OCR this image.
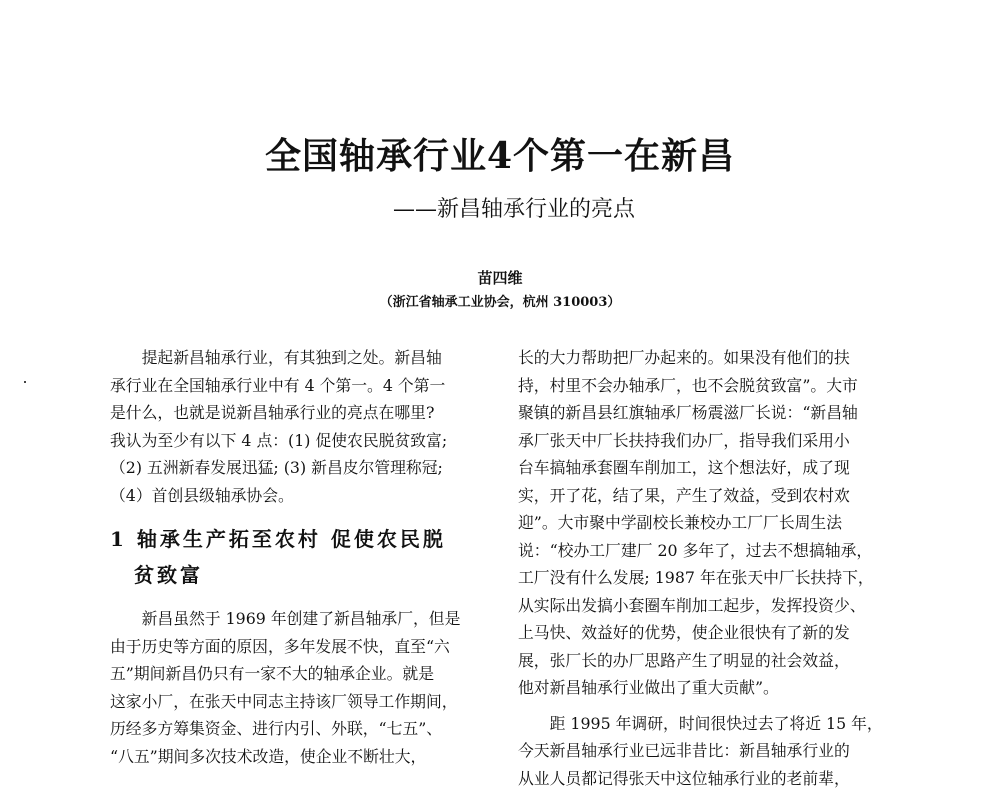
全国轴承行业4个第一在新昌
——新昌轴承行业的亮点
苗四维
（浙江省轴承工业协会，杭州 310003）
　　提起新昌轴承行业，有其独到之处。新昌轴
承行业在全国轴承行业中有 4 个第一。4 个第一
是什么，也就是说新昌轴承行业的亮点在哪里?
我认为至少有以下 4 点：(1) 促使农民脱贫致富;
（2) 五洲新春发展迅猛; (3) 新昌皮尔管理称冠;
（4）首创县级轴承协会。
1 轴承生产拓至农村 促使农民脱
贫致富
　　新昌虽然于 1969 年创建了新昌轴承厂，但是
由于历史等方面的原因，多年发展不快，直至“六
五”期间新昌仍只有一家不大的轴承企业。就是
这家小厂，在张天中同志主持该厂领导工作期间，
历经多方筹集资金、进行内引、外联，“七五”、
“八五”期间多次技术改造，使企业不断壮大，
长的大力帮助把厂办起来的。如果没有他们的扶
持，村里不会办轴承厂，也不会脱贫致富”。大市
聚镇的新昌县红旗轴承厂杨震滋厂长说：“新昌轴
承厂张天中厂长扶持我们办厂，指导我们采用小
台车搞轴承套圈车削加工，这个想法好，成了现
实，开了花，结了果，产生了效益，受到农村欢
迎”。大市聚中学副校长兼校办工厂厂长周生法
说：“校办工厂建厂 20 多年了，过去不想搞轴承，
工厂没有什么发展; 1987 年在张天中厂长扶持下，
从实际出发搞小套圈车削加工起步，发挥投资少、
上马快、效益好的优势，使企业很快有了新的发
展，张厂长的办厂思路产生了明显的社会效益，
他对新昌轴承行业做出了重大贡献”。
　　距 1995 年调研，时间很快过去了将近 15 年，
今天新昌轴承行业已远非昔比：新昌轴承行业的
从业人员都记得张天中这位轴承行业的老前辈，
